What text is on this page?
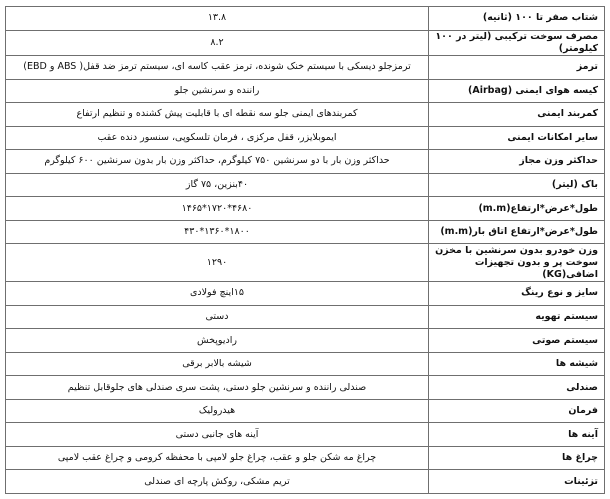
شتاب صفر تا ۱۰۰ (ثانیه)	۱۳.۸
مصرف سوخت ترکیبی (لیتر در ۱۰۰ کیلومتر)	۸.۲
ترمز	ترمزجلو دیسکی با سیستم خنک شونده، ترمز عقب کاسه ای، سیستم ترمز ضد قفل( ABS و EBD)
کیسه هوای ایمنی (Airbag)	راننده و سرنشین جلو
کمربند ایمنی	کمربندهای ایمنی جلو سه نقطه ای با قابلیت پیش کشنده و تنظیم ارتفاع
سایر امکانات ایمنی	ایموبلایزر، قفل مرکزی ، فرمان تلسکوپی، سنسور دنده عقب
حداکثر وزن مجاز	حداکثر وزن بار با دو سرنشین ۷۵۰ کیلوگرم، حداکثر وزن بار بدون سرنشین ۶۰۰ کیلوگرم
باک (لیتر)	۴۰بنزین، ۷۵ گاز
طول*عرض*ارتفاع(m.m)	۴۶۸۰*۱۷۲۰*۱۴۶۵
طول*عرض*ارتفاع اتاق بار(m.m)	۱۸۰۰*۱۳۶۰*۴۳۰
وزن خودرو بدون سرنشین با مخزن سوخت پر و بدون تجهیزات اضافی(KG)	۱۲۹۰
سایز و نوع رینگ	۱۵اینچ فولادی
سیستم تهویه	دستی
سیستم صوتی	رادیوپخش
شیشه ها	شیشه بالابر برقی
صندلی	صندلی راننده و سرنشین جلو دستی، پشت سری صندلی های جلوقابل تنظیم
فرمان	هیدرولیک
آینه ها	آینه های جانبی دستی
چراغ ها	چراغ مه شکن جلو و عقب، چراغ جلو لامپی با محفظه کرومی و چراغ عقب لامپی
تزئینات	تریم مشکی، روکش پارچه ای صندلی
